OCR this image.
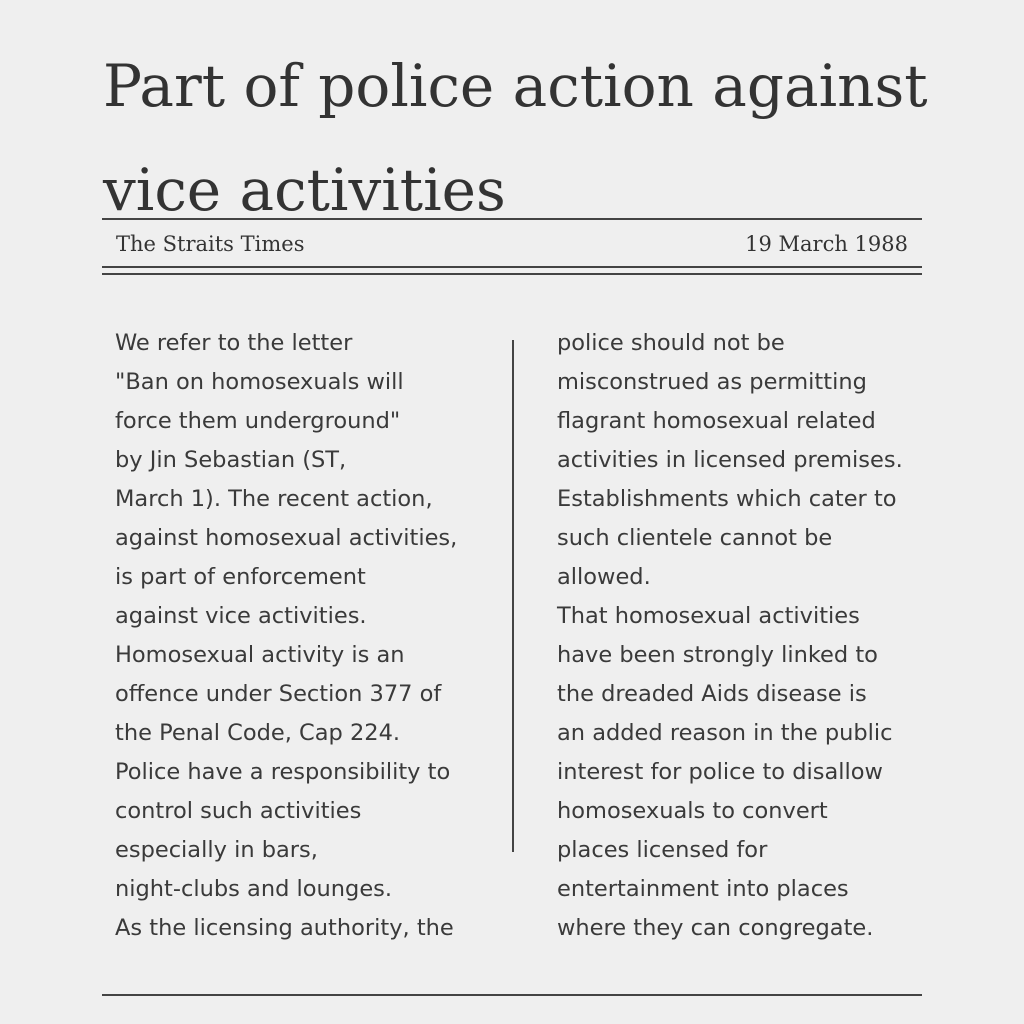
Part of police action against
vice activities
The Straits Times	19 March 1988
We refer to the letter
"Ban on homosexuals will
force them underground"
by Jin Sebastian (ST,
March 1). The recent action,
against homosexual activities,
is part of enforcement
against vice activities.
Homosexual activity is an
offence under Section 377 of
the Penal Code, Cap 224.
Police have a responsibility to
control such activities
especially in bars,
night-clubs and lounges.
As the licensing authority, the
police should not be
misconstrued as permitting
flagrant homosexual related
activities in licensed premises.
Establishments which cater to
such clientele cannot be
allowed.
That homosexual activities
have been strongly linked to
the dreaded Aids disease is
an added reason in the public
interest for police to disallow
homosexuals to convert
places licensed for
entertainment into places
where they can congregate.
